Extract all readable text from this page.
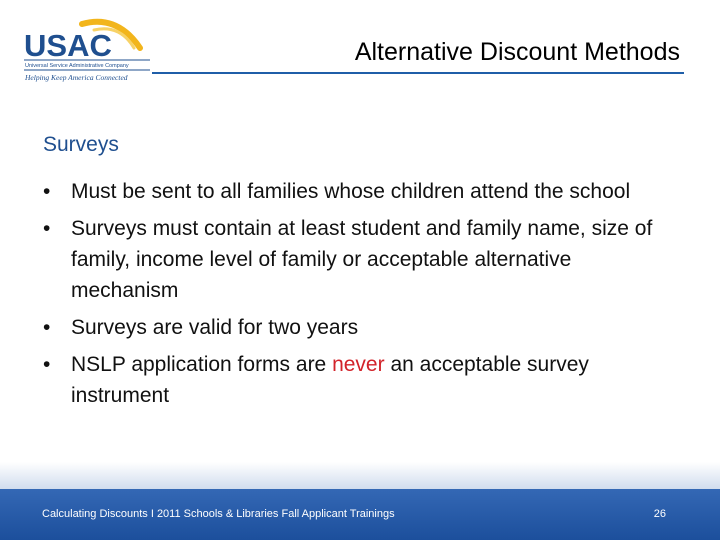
USAC
Universal Service Administrative Company
Helping Keep America Connected
Alternative Discount Methods
Surveys
• Must be sent to all families whose children attend the school
• Surveys must contain at least student and family name, size of family, income level of family or acceptable alternative mechanism
• Surveys are valid for two years
• NSLP application forms are never an acceptable survey instrument
Calculating Discounts I 2011 Schools & Libraries Fall Applicant Trainings	26
